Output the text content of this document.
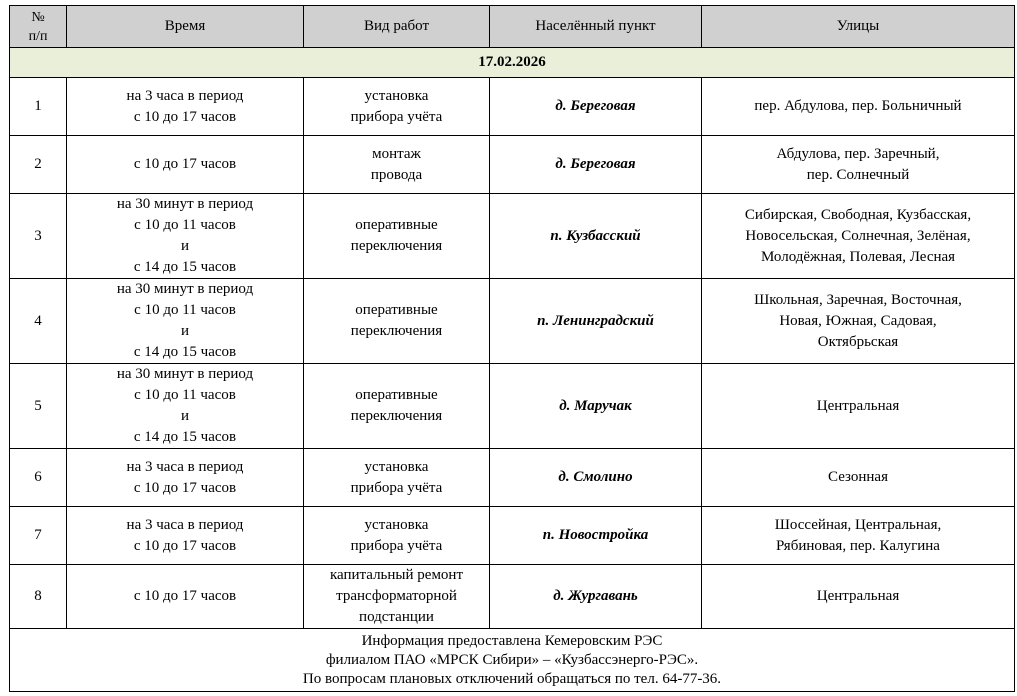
№
п/п	Время	Вид работ	Населённый пункт	Улицы
17.02.2026				
1	на 3 часа в период
с 10 до 17 часов	установка
прибора учёта	д. Береговая	пер. Абдулова, пер. Больничный

2	с 10 до 17 часов	монтаж
провода	д. Береговая	Абдулова, пер. Заречный,
пер. Солнечный

3	на 30 минут в период
с 10 до 11 часов
и
с 14 до 15 часов	оперативные
переключения	п. Кузбасский	Сибирская, Свободная, Кузбасская,
Новосельская, Солнечная, Зелёная,
Молодёжная, Полевая, Лесная

4	на 30 минут в период
с 10 до 11 часов
и
с 14 до 15 часов	оперативные
переключения	п. Ленинградский	Школьная, Заречная, Восточная,
Новая, Южная, Садовая,
Октябрьская

5	на 30 минут в период
с 10 до 11 часов
и
с 14 до 15 часов	оперативные
переключения	д. Маручак	Центральная

6	на 3 часа в период
с 10 до 17 часов	установка
прибора учёта	д. Смолино	Сезонная

7	на 3 часа в период
с 10 до 17 часов	установка
прибора учёта	п. Новостройка	Шоссейная, Центральная,
Рябиновая, пер. Калугина

8	с 10 до 17 часов	капитальный ремонт
трансформаторной
подстанции	д. Жургавань	Центральная

Информация предоставлена Кемеровским РЭС
филиалом ПАО «МРСК Сибири» – «Кузбассэнерго-РЭС».
По вопросам плановых отключений обращаться по тел. 64-77-36.				
